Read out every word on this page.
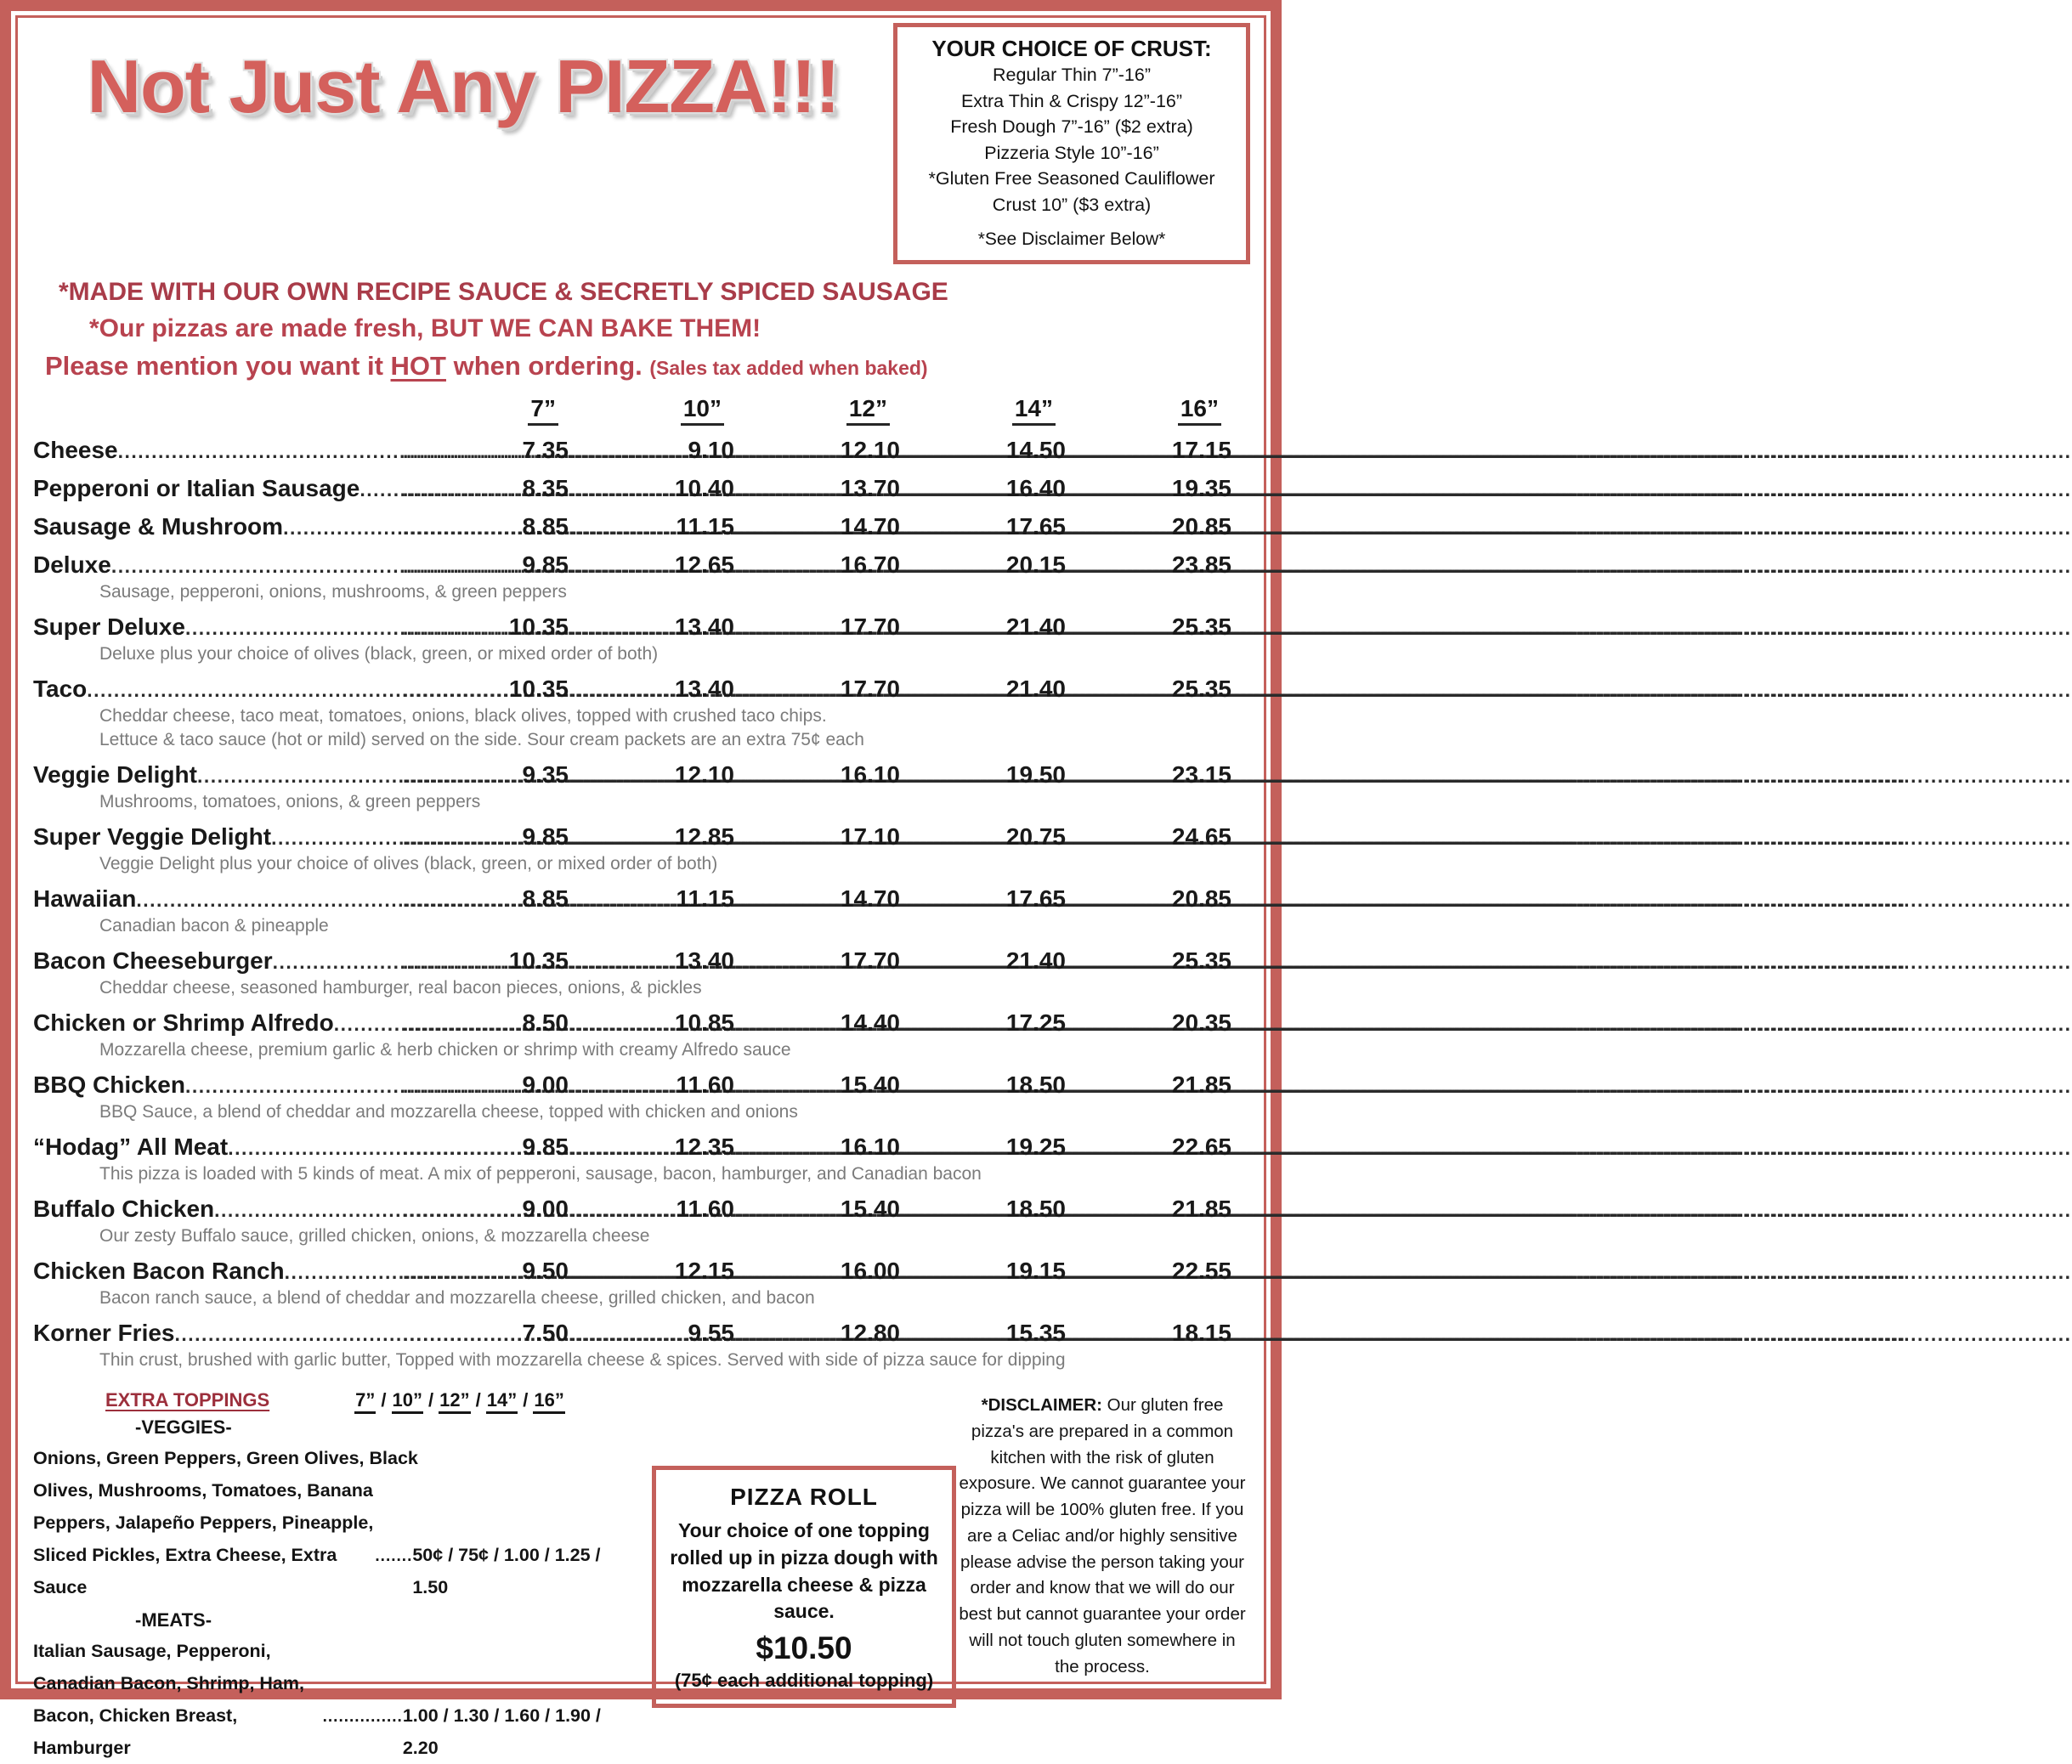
Not Just Any PIZZA!!!	YOUR CHOICE OF CRUST:
Regular Thin 7”-16”
Extra Thin & Crispy 12”-16”
Fresh Dough 7”-16” ($2 extra)
Pizzeria Style 10”-16”
*Gluten Free Seasoned Cauliflower Crust 10” ($3 extra)
*See Disclaimer Below*
*MADE WITH OUR OWN RECIPE SAUCE & SECRETLY SPICED SAUSAGE
*Our pizzas are made fresh, BUT WE CAN BAKE THEM!
Please mention you want it HOT when ordering. (Sales tax added when baked)
7”	10”	12”	14”	16”
Cheese ..... .....	7.35 .....	9.10 .....	12.10 .....	14.50 .....	17.15
Pepperoni or Italian Sausage ..... .....	8.35 .....	10.40 .....	13.70 .....	16.40 .....	19.35
Sausage & Mushroom ..... .....	8.85 .....	11.15 .....	14.70 .....	17.65 .....	20.85
Deluxe ..... .....	9.85 .....	12.65 .....	16.70 .....	20.15 .....	23.85
Sausage, pepperoni, onions, mushrooms, & green peppers
Super Deluxe ..... .....	10.35 .....	13.40 .....	17.70 .....	21.40 .....	25.35
Deluxe plus your choice of olives (black, green, or mixed order of both)
Taco ..... .....	10.35 .....	13.40 .....	17.70 .....	21.40 .....	25.35
Cheddar cheese, taco meat, tomatoes, onions, black olives, topped with crushed taco chips.
Lettuce & taco sauce (hot or mild) served on the side. Sour cream packets are an extra 75¢ each
Veggie Delight ..... .....	9.35 .....	12.10 .....	16.10 .....	19.50 .....	23.15
Mushrooms, tomatoes, onions, & green peppers
Super Veggie Delight ..... .....	9.85 .....	12.85 .....	17.10 .....	20.75 .....	24.65
Veggie Delight plus your choice of olives (black, green, or mixed order of both)
Hawaiian ..... .....	8.85 .....	11.15 .....	14.70 .....	17.65 .....	20.85
Canadian bacon & pineapple
Bacon Cheeseburger ..... .....	10.35 .....	13.40 .....	17.70 .....	21.40 .....	25.35
Cheddar cheese, seasoned hamburger, real bacon pieces, onions, & pickles
Chicken or Shrimp Alfredo ..... .....	8.50 .....	10.85 .....	14.40 .....	17.25 .....	20.35
Mozzarella cheese, premium garlic & herb chicken or shrimp with creamy Alfredo sauce
BBQ Chicken ..... .....	9.00 .....	11.60 .....	15.40 .....	18.50 .....	21.85
BBQ Sauce, a blend of cheddar and mozzarella cheese, topped with chicken and onions
“Hodag” All Meat ..... .....	9.85 .....	12.35 .....	16.10 .....	19.25 .....	22.65
This pizza is loaded with 5 kinds of meat. A mix of pepperoni, sausage, bacon, hamburger, and Canadian bacon
Buffalo Chicken ..... .....	9.00 .....	11.60 .....	15.40 .....	18.50 .....	21.85
Our zesty Buffalo sauce, grilled chicken, onions, & mozzarella cheese
Chicken Bacon Ranch ..... .....	9.50 .....	12.15 .....	16.00 .....	19.15 .....	22.55
Bacon ranch sauce, a blend of cheddar and mozzarella cheese, grilled chicken, and bacon
Korner Fries ..... .....	7.50 .....	9.55 .....	12.80 .....	15.35 .....	18.15
Thin crust, brushed with garlic butter, Topped with mozzarella cheese & spices. Served with side of pizza sauce for dipping
EXTRA TOPPINGS	7” / 10” / 12” / 14” / 16”
-VEGGIES-
Onions, Green Peppers, Green Olives, Black
Olives, Mushrooms, Tomatoes, Banana
Peppers, Jalapeño Peppers, Pineapple,
Sliced Pickles, Extra Cheese, Extra Sauce
.......
50¢ / 75¢ / 1.00 / 1.25 / 1.50
-MEATS-
Italian Sausage, Pepperoni,
Canadian Bacon, Shrimp, Ham,
Bacon, Chicken Breast, Hamburger
.....
1.00 / 1.30 / 1.60 / 1.90 / 2.20
PIZZA ROLL
Your choice of one topping rolled up in pizza dough with mozzarella cheese & pizza sauce.
$10.50
(75¢ each additional topping)
*DISCLAIMER: Our gluten free pizza's are prepared in a common kitchen with the risk of gluten exposure. We cannot guarantee your pizza will be 100% gluten free. If you are a Celiac and/or highly sensitive please advise the person taking your order and know that we will do our best but cannot guarantee your order will not touch gluten somewhere in the process.
